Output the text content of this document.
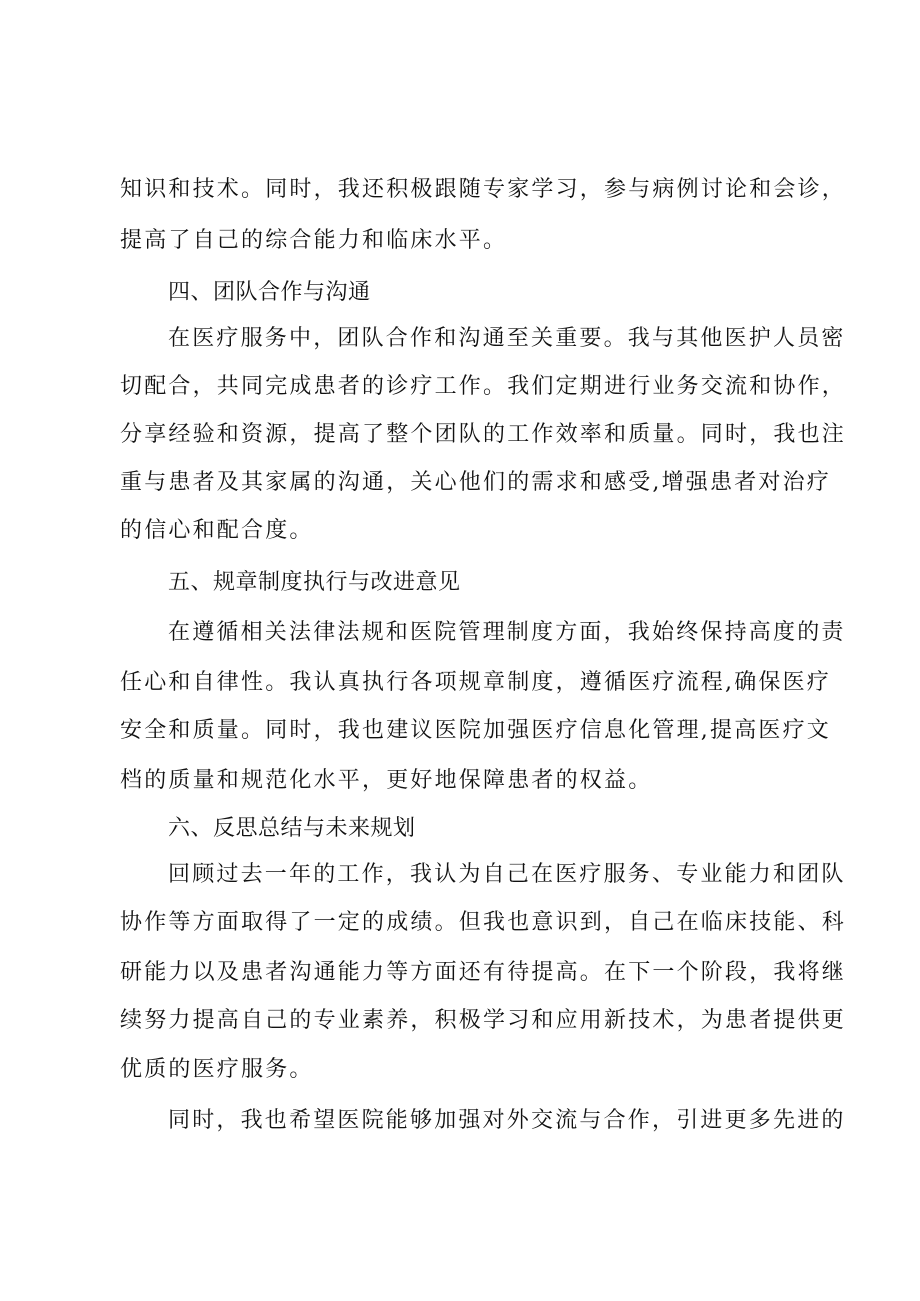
知识和技术。同时，我还积极跟随专家学习，参与病例讨论和会诊，
提高了自己的综合能力和临床水平。
四、团队合作与沟通
在医疗服务中，团队合作和沟通至关重要。我与其他医护人员密
切配合，共同完成患者的诊疗工作。我们定期进行业务交流和协作，
分享经验和资源，提高了整个团队的工作效率和质量。同时，我也注
重与患者及其家属的沟通，关心他们的需求和感受,增强患者对治疗
的信心和配合度。
五、规章制度执行与改进意见
在遵循相关法律法规和医院管理制度方面，我始终保持高度的责
任心和自律性。我认真执行各项规章制度，遵循医疗流程,确保医疗
安全和质量。同时，我也建议医院加强医疗信息化管理,提高医疗文
档的质量和规范化水平，更好地保障患者的权益。
六、反思总结与未来规划
回顾过去一年的工作，我认为自己在医疗服务、专业能力和团队
协作等方面取得了一定的成绩。但我也意识到，自己在临床技能、科
研能力以及患者沟通能力等方面还有待提高。在下一个阶段，我将继
续努力提高自己的专业素养，积极学习和应用新技术，为患者提供更
优质的医疗服务。
同时，我也希望医院能够加强对外交流与合作，引进更多先进的
